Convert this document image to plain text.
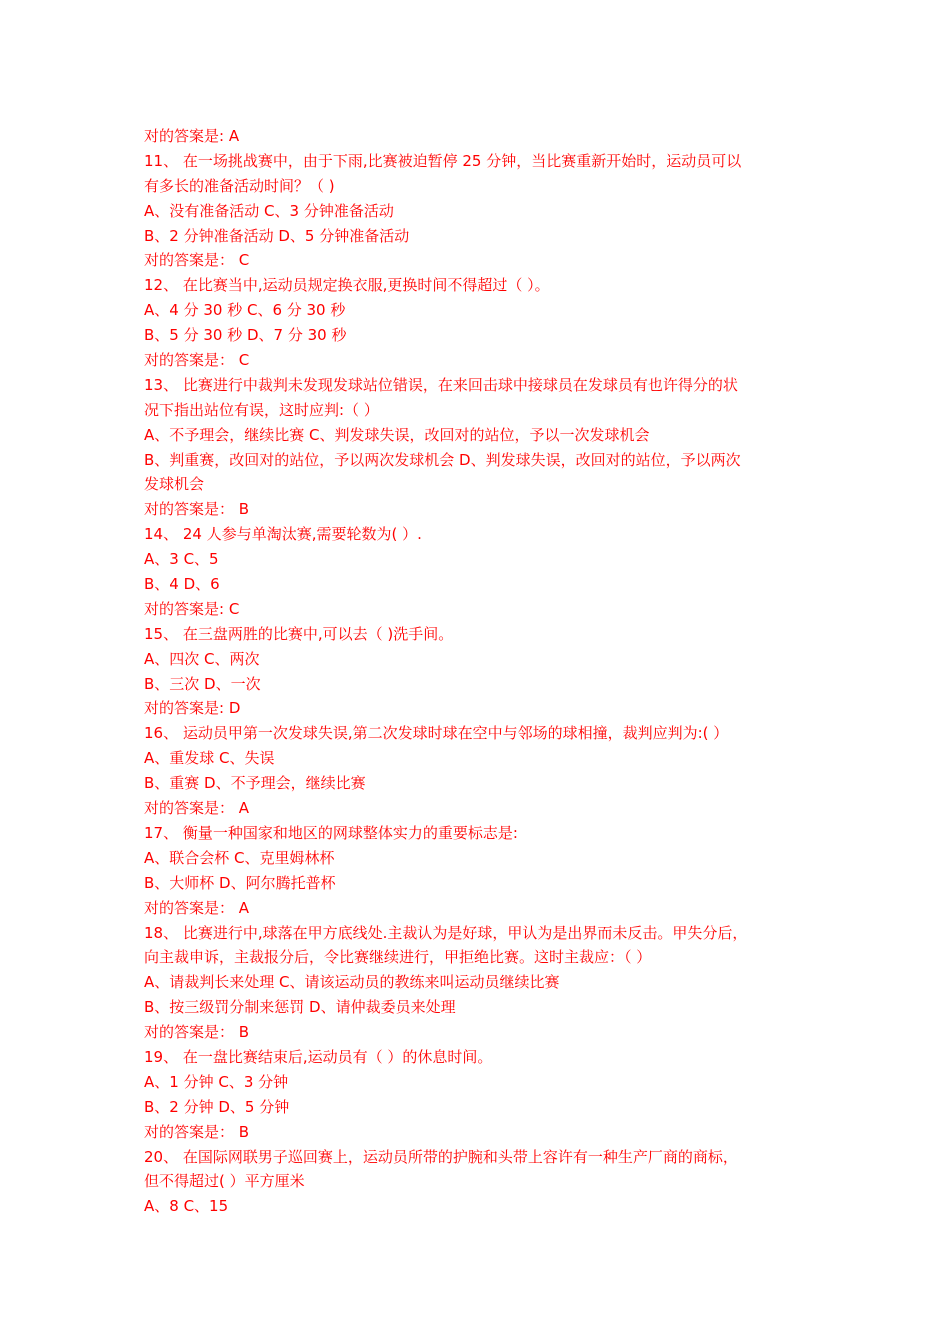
对的答案是: A
11、 在一场挑战赛中，由于下雨,比赛被迫暂停 25 分钟，当比赛重新开始时，运动员可以
有多长的准备活动时间？（ )
A、没有准备活动 C、3 分钟准备活动
B、2 分钟准备活动 D、5 分钟准备活动
对的答案是： C
12、 在比赛当中,运动员规定换衣服,更换时间不得超过（ ）。
A、4 分 30 秒 C、6 分 30 秒
B、5 分 30 秒 D、7 分 30 秒
对的答案是： C
13、 比赛进行中裁判未发现发球站位错误，在来回击球中接球员在发球员有也许得分的状
况下指出站位有误，这时应判:（ ）
A、不予理会，继续比赛 C、判发球失误，改回对的站位，予以一次发球机会
B、判重赛，改回对的站位，予以两次发球机会 D、判发球失误，改回对的站位，予以两次
发球机会
对的答案是： B
14、 24 人参与单淘汰赛,需要轮数为( ）.
A、3 C、5
B、4 D、6
对的答案是: C
15、 在三盘两胜的比赛中,可以去（ )洗手间。
A、四次 C、两次
B、三次 D、一次
对的答案是: D
16、 运动员甲第一次发球失误,第二次发球时球在空中与邻场的球相撞，裁判应判为:( ）
A、重发球 C、失误
B、重赛 D、不予理会，继续比赛
对的答案是： A
17、 衡量一种国家和地区的网球整体实力的重要标志是:
A、联合会杯 C、克里姆林杯
B、大师杯 D、阿尔腾托普杯
对的答案是： A
18、 比赛进行中,球落在甲方底线处.主裁认为是好球，甲认为是出界而未反击。甲失分后，
向主裁申诉，主裁报分后，令比赛继续进行，甲拒绝比赛。这时主裁应：（ ）
A、请裁判长来处理 C、请该运动员的教练来叫运动员继续比赛
B、按三级罚分制来惩罚 D、请仲裁委员来处理
对的答案是： B
19、 在一盘比赛结束后,运动员有（ ）的休息时间。
A、1 分钟 C、3 分钟
B、2 分钟 D、5 分钟
对的答案是： B
20、 在国际网联男子巡回赛上，运动员所带的护腕和头带上容许有一种生产厂商的商标，
但不得超过( ）平方厘米
A、8 C、15
